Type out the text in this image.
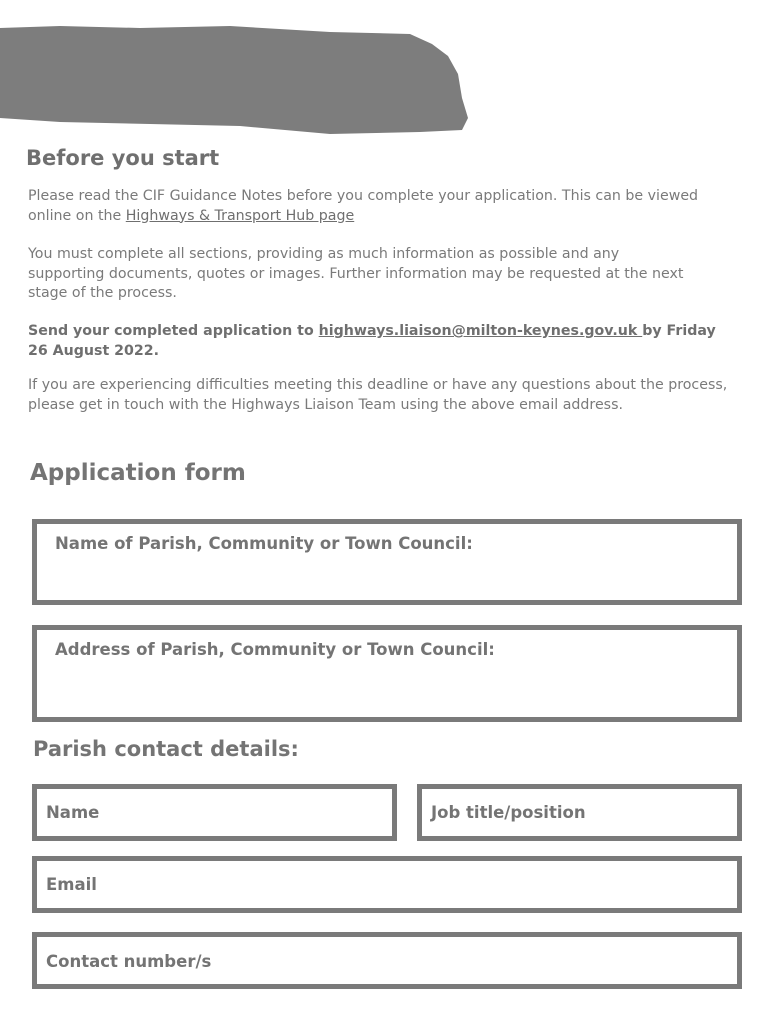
Before you start

Please read the CIF Guidance Notes before you complete your application. This can be viewed online on the Highways & Transport Hub page

You must complete all sections, providing as much information as possible and any supporting documents, quotes or images. Further information may be requested at the next stage of the process.

Send your completed application to highways.liaison@milton-keynes.gov.uk by Friday 26 August 2022.

If you are experiencing difficulties meeting this deadline or have any questions about the process, please get in touch with the Highways Liaison Team using the above email address.

Application form
Name of Parish, Community or Town Council:
Address of Parish, Community or Town Council:
Parish contact details:
Name	Job title/position
Email
Contact number/s
